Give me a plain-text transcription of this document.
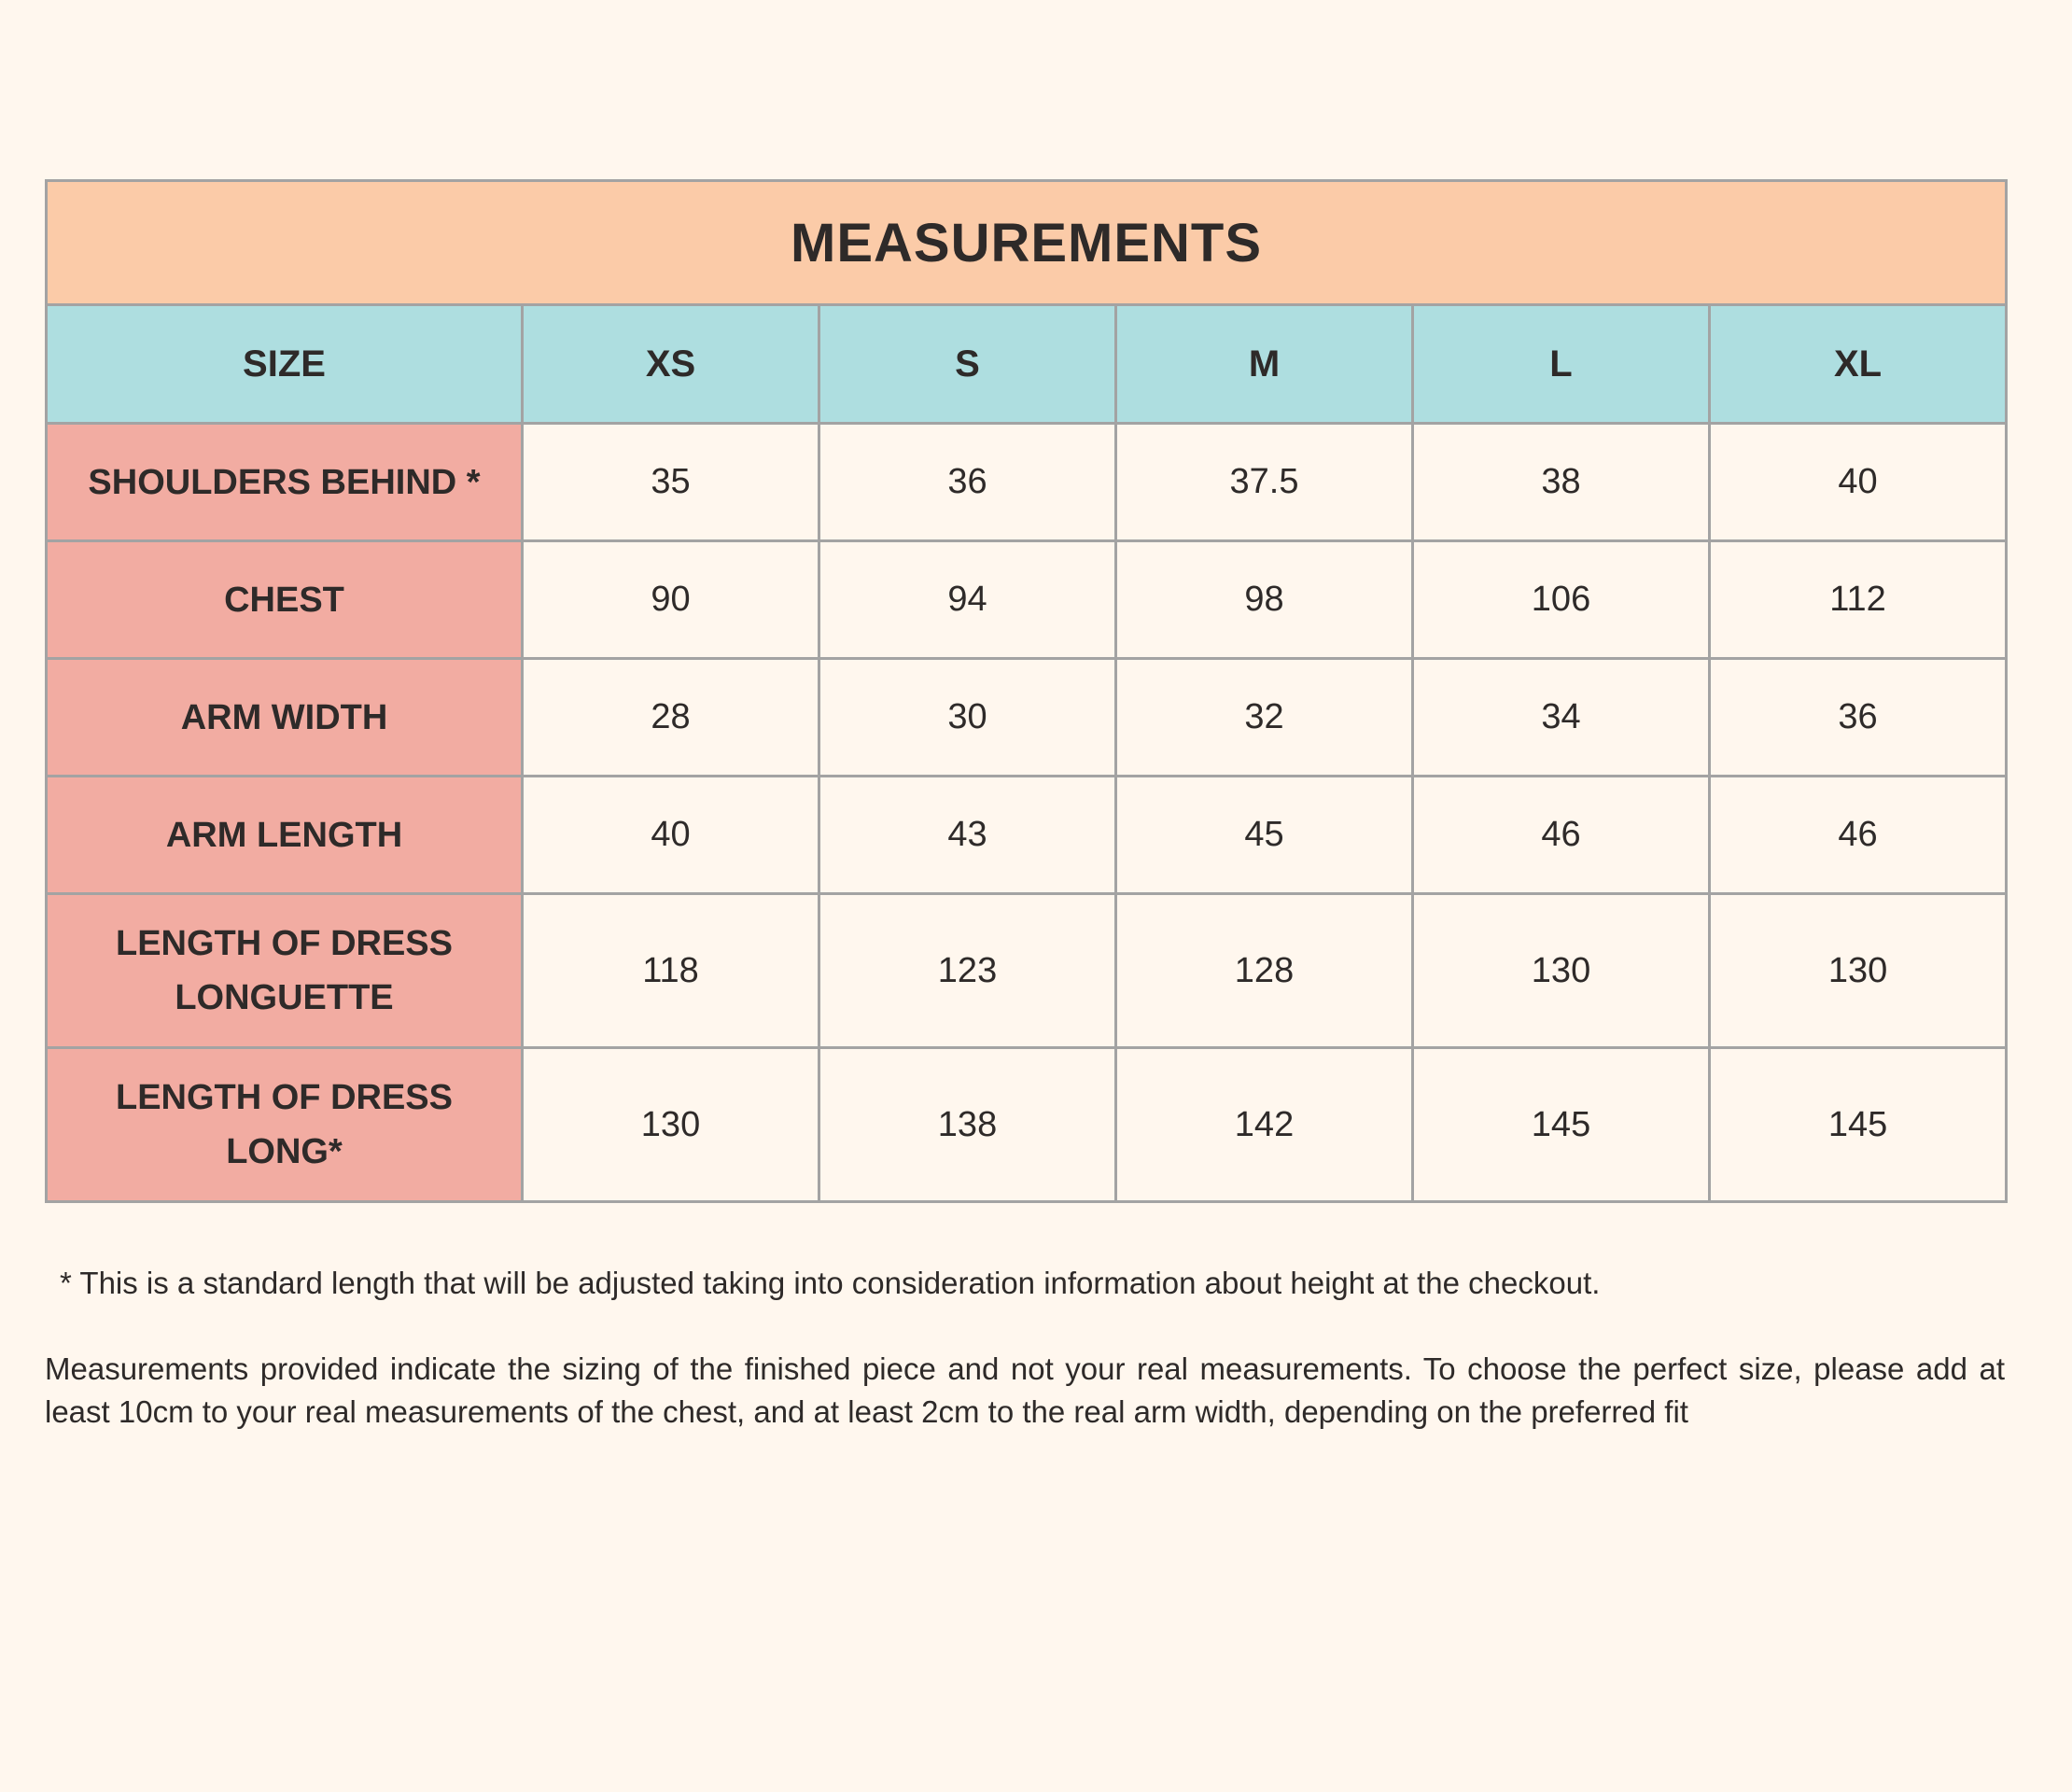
MEASUREMENTS					
SIZE	XS	S	M	L	XL
SHOULDERS BEHIND *	35	36	37.5	38	40
CHEST	90	94	98	106	112
ARM WIDTH	28	30	32	34	36
ARM LENGTH	40	43	45	46	46
LENGTH OF DRESS LONGUETTE	118	123	128	130	130
LENGTH OF DRESS LONG*	130	138	142	145	145

* This is a standard length that will be adjusted taking into consideration information about height at the checkout.

Measurements provided indicate the sizing of the finished piece and not your real measurements. To choose the perfect size, please add at least 10cm to your real measurements of the chest, and at least 2cm to the real arm width, depending on the preferred fit
